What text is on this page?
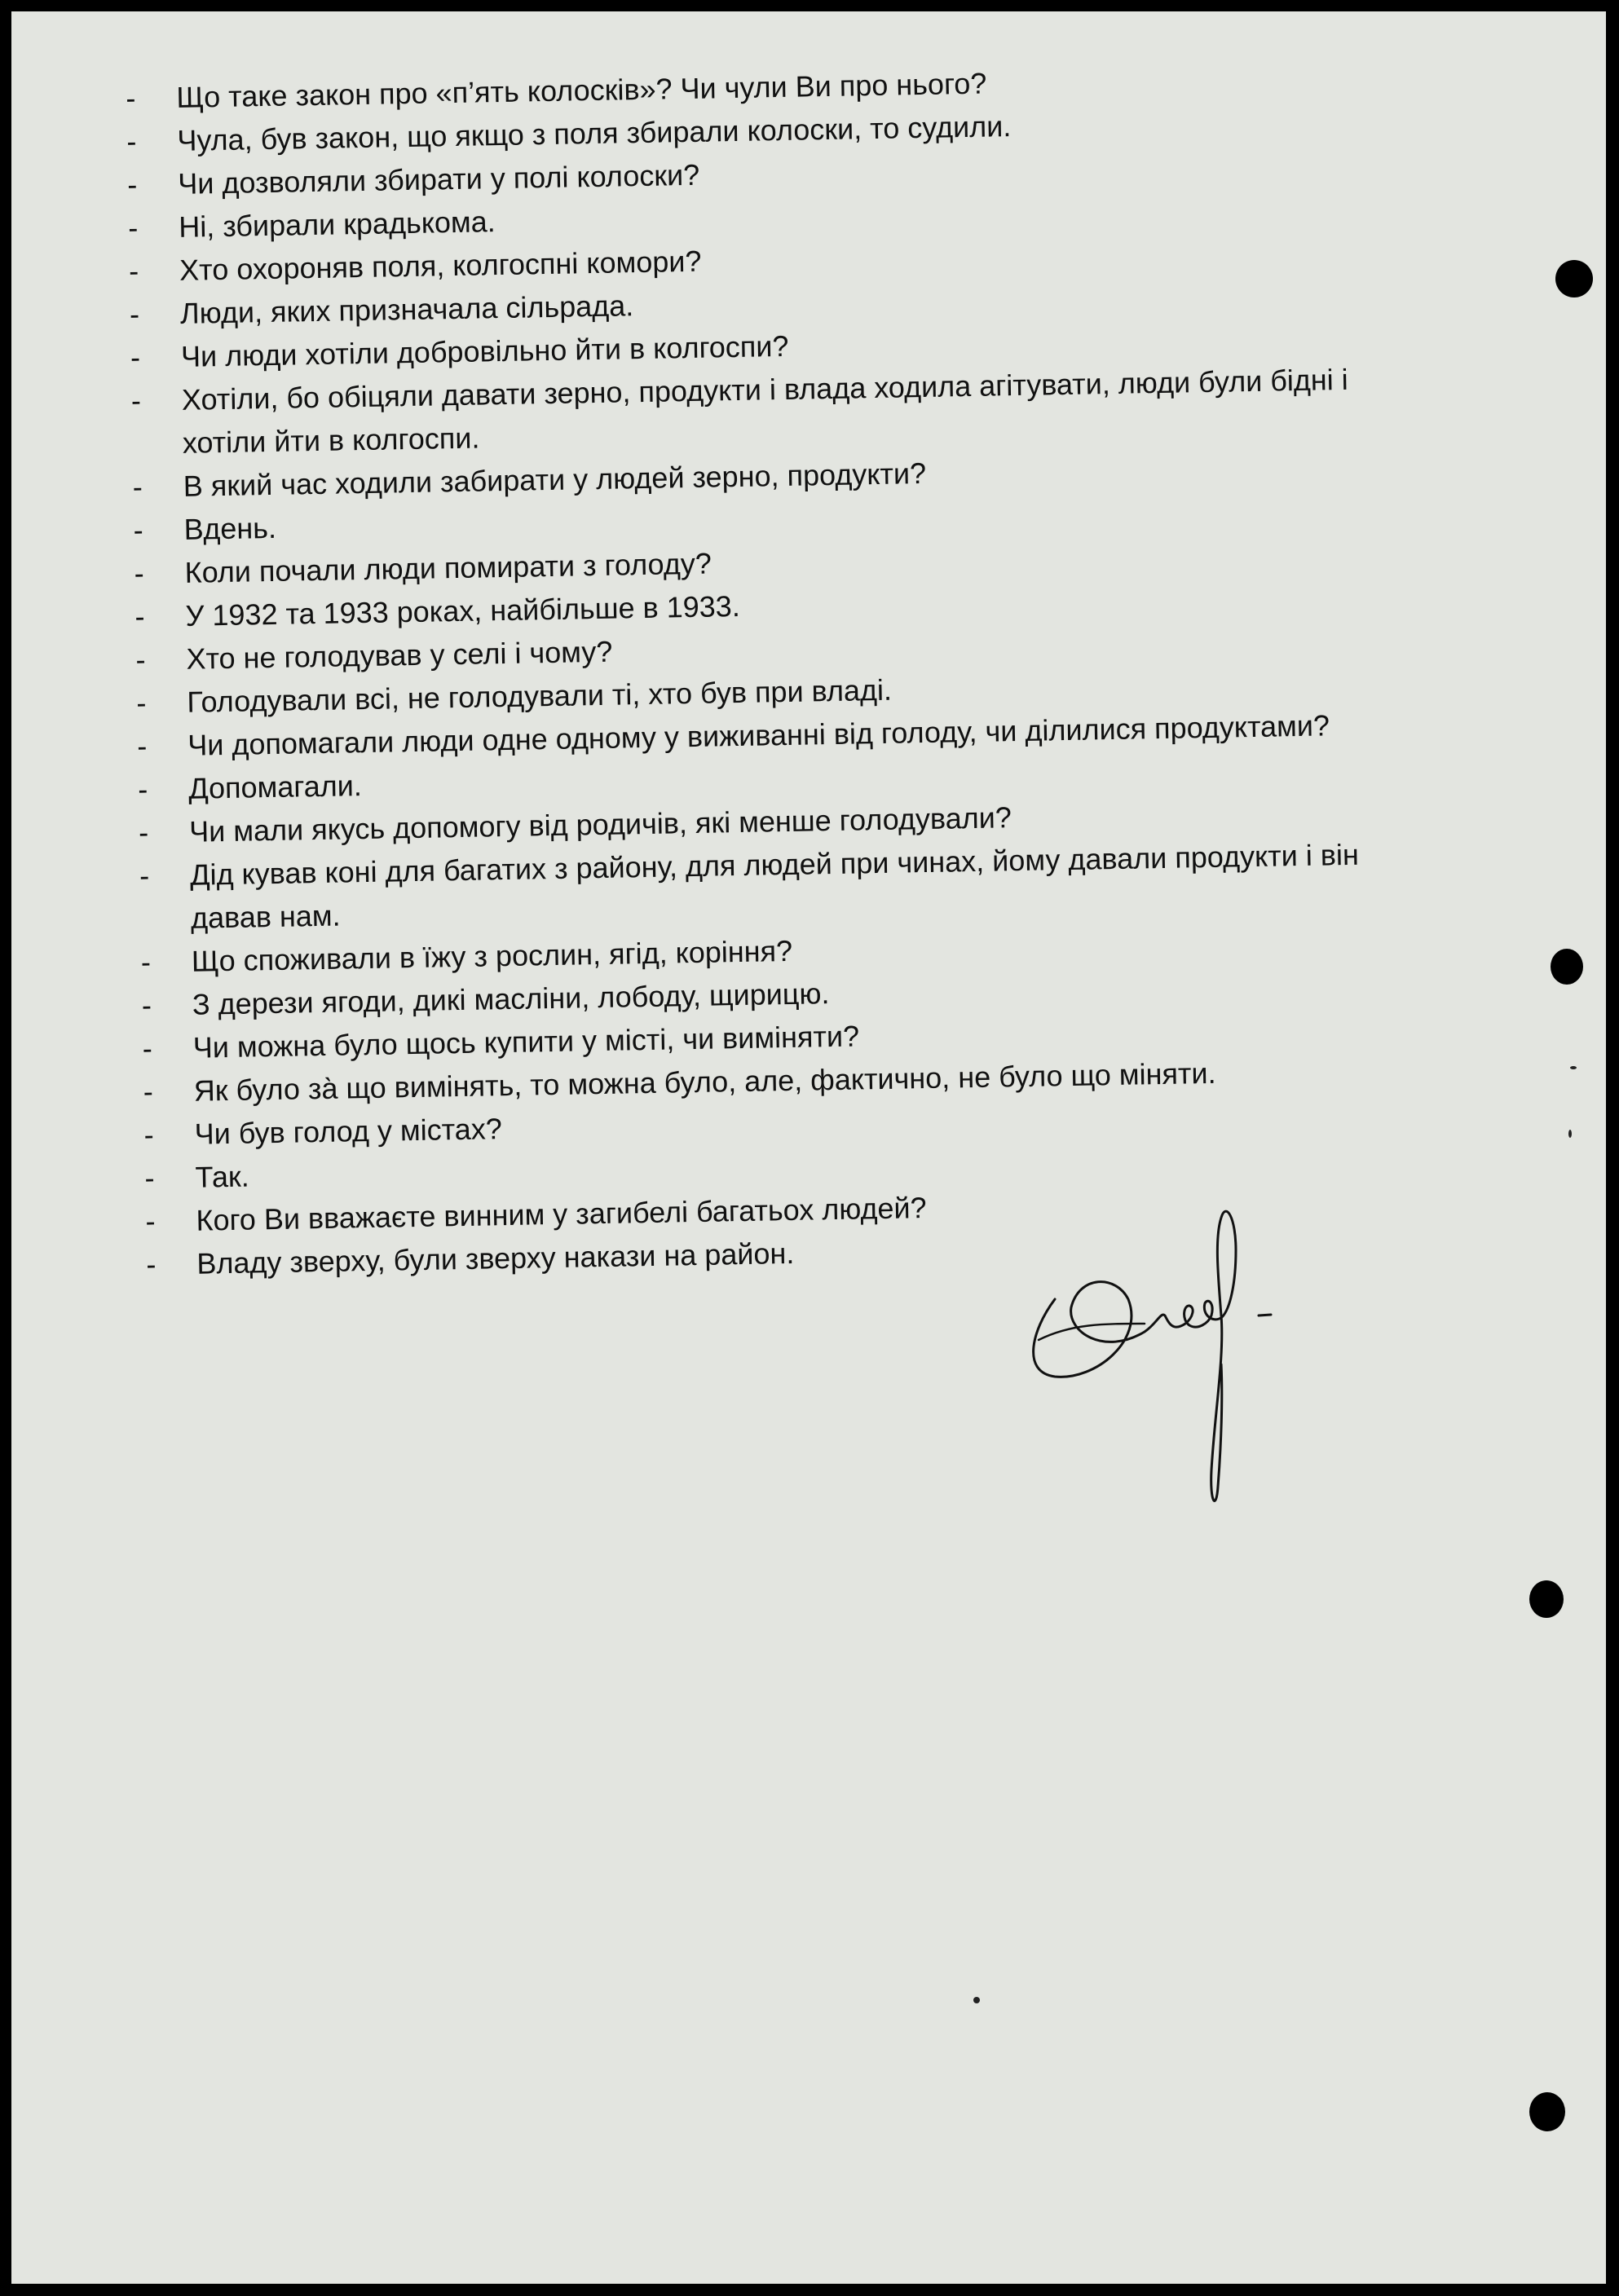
- Що таке закон про «п’ять колосків»? Чи чули Ви про нього?
- Чула, був закон, що якщо з поля збирали колоски, то судили.
- Чи дозволяли збирати у полі колоски?
- Ні, збирали крадькома.
- Хто охороняв поля, колгоспні комори?
- Люди, яких призначала сільрада.
- Чи люди хотіли добровільно йти в колгоспи?
- Хотіли, бо обіцяли давати зерно, продукти і влада ходила агітувати, люди були бідні і
хотіли йти в колгоспи.
- В який час ходили забирати у людей зерно, продукти?
- Вдень.
- Коли почали люди помирати з голоду?
- У 1932 та 1933 роках, найбільше в 1933.
- Хто не голодував у селі і чому?
- Голодували всі, не голодували ті, хто був при владі.
- Чи допомагали люди одне одному у виживанні від голоду, чи ділилися продуктами?
- Допомагали.
- Чи мали якусь допомогу від родичів, які менше голодували?
- Дід кував коні для багатих з району, для людей при чинах, йому давали продукти і він
давав нам.
- Що споживали в їжу з рослин, ягід, коріння?
- З дерези ягоди, дикі масліни, лободу, щирицю.
- Чи можна було щось купити у місті, чи виміняти?
- Як було за̀ що вимінять, то можна було, але, фактично, не було що міняти.
- Чи був голод у містах?
- Так.
- Кого Ви вважаєте винним у загибелі багатьох людей?
- Владу зверху, були зверху накази на район.
